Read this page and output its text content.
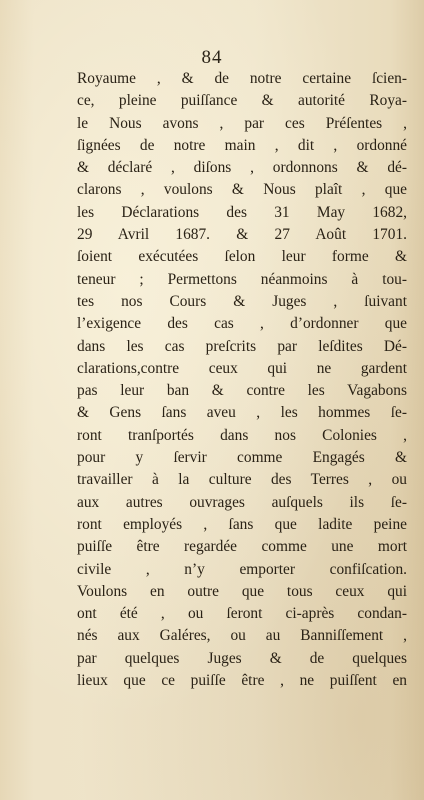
84
Royaume , & de notre certaine ſcien-
ce, pleine puiſſance & autorité Roya-
le Nous avons , par ces Préſentes ,
ſignées de notre main , dit , ordonné
& déclaré , diſons , ordonnons & dé-
clarons , voulons & Nous plaît , que
les Déclarations des 31 May 1682,
29 Avril 1687. & 27 Août 1701.
ſoient exécutées ſelon leur forme &
teneur ; Permettons néanmoins à tou-
tes nos Cours & Juges , ſuivant
l’exigence des cas , d’ordonner que
dans les cas preſcrits par leſdites Dé-
clarations,contre ceux qui ne gardent
pas leur ban & contre les Vagabons
& Gens ſans aveu , les hommes ſe-
ront tranſportés dans nos Colonies ,
pour y ſervir comme Engagés &
travailler à la culture des Terres , ou
aux autres ouvrages auſquels ils ſe-
ront employés , ſans que ladite peine
puiſſe être regardée comme une mort
civile , n’y emporter confiſcation.
Voulons en outre que tous ceux qui
ont été , ou ſeront ci-après condan-
nés aux Galéres, ou au Banniſſement ,
par quelques Juges & de quelques
lieux que ce puiſſe être , ne puiſſent en
